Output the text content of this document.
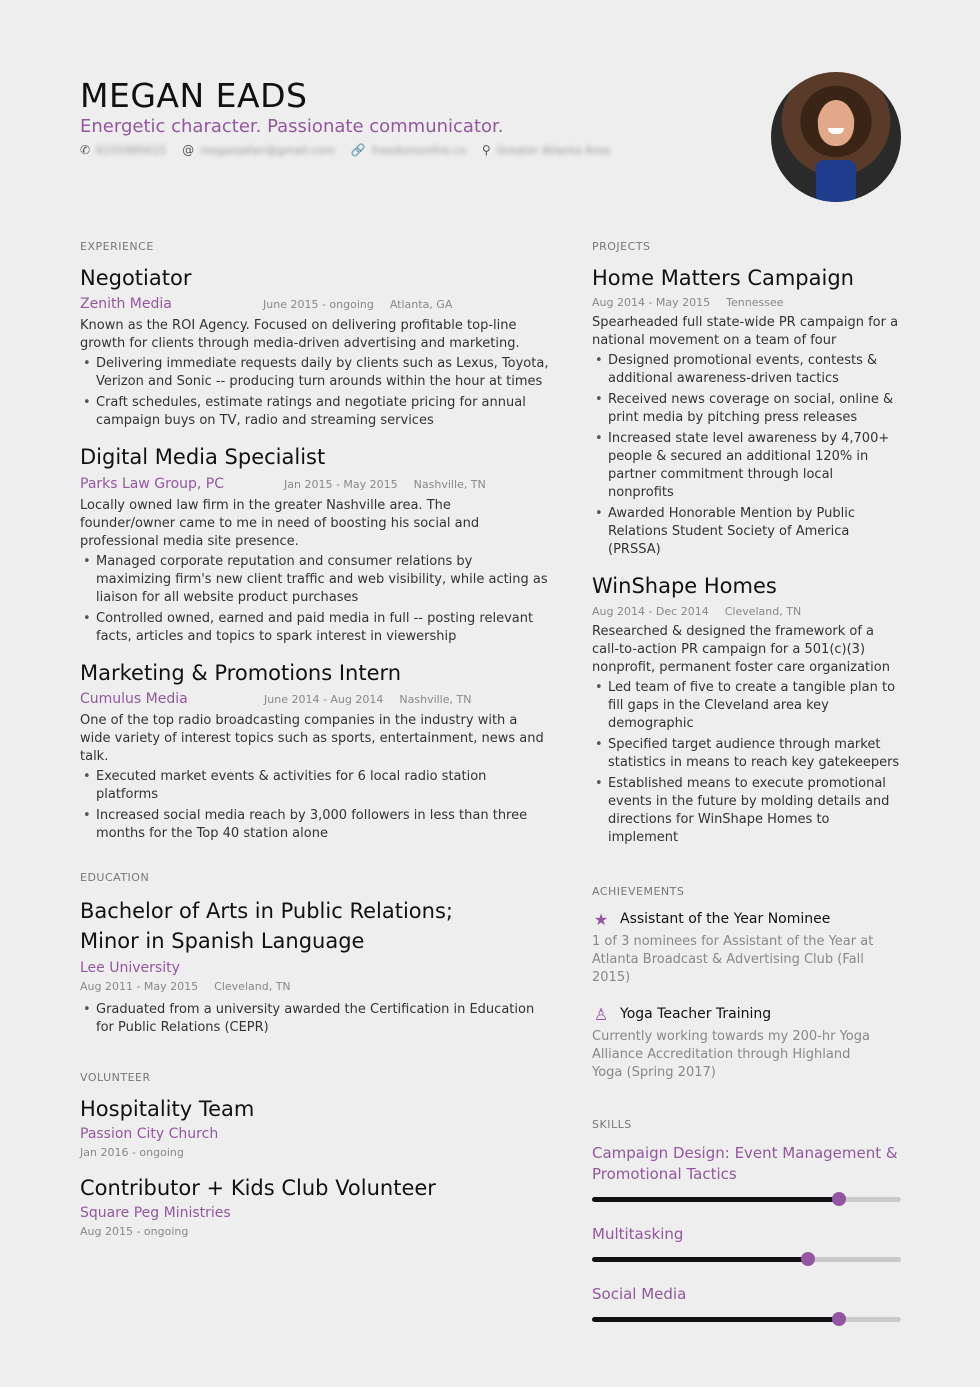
MEGAN EADS
Energetic character. Passionate communicator.
✆ 6155985615 @ meganjafari@gmail.com 🔗 freedomonfire.co ⚲ Greater Atlanta Area
EXPERIENCE
Negotiator
Zenith Media	June 2015 - ongoing Atlanta, GA
Known as the ROI Agency. Focused on delivering profitable top-line growth for clients through media-driven advertising and marketing.
• Delivering immediate requests daily by clients such as Lexus, Toyota, Verizon and Sonic -- producing turn arounds within the hour at times
• Craft schedules, estimate ratings and negotiate pricing for annual campaign buys on TV, radio and streaming services
Digital Media Specialist
Parks Law Group, PC	Jan 2015 - May 2015 Nashville, TN
Locally owned law firm in the greater Nashville area. The founder/owner came to me in need of boosting his social and professional media site presence.
• Managed corporate reputation and consumer relations by maximizing firm's new client traffic and web visibility, while acting as liaison for all website product purchases
• Controlled owned, earned and paid media in full -- posting relevant facts, articles and topics to spark interest in viewership
Marketing & Promotions Intern
Cumulus Media	June 2014 - Aug 2014 Nashville, TN
One of the top radio broadcasting companies in the industry with a wide variety of interest topics such as sports, entertainment, news and talk.
• Executed market events & activities for 6 local radio station platforms
• Increased social media reach by 3,000 followers in less than three months for the Top 40 station alone
EDUCATION
Bachelor of Arts in Public Relations; Minor in Spanish Language
Lee University
Aug 2011 - May 2015 Cleveland, TN
• Graduated from a university awarded the Certification in Education for Public Relations (CEPR)
VOLUNTEER
Hospitality Team
Passion City Church
Jan 2016 - ongoing
Contributor + Kids Club Volunteer
Square Peg Ministries
Aug 2015 - ongoing
PROJECTS
Home Matters Campaign
Aug 2014 - May 2015 Tennessee
Spearheaded full state-wide PR campaign for a national movement on a team of four
• Designed promotional events, contests & additional awareness-driven tactics
• Received news coverage on social, online & print media by pitching press releases
• Increased state level awareness by 4,700+ people & secured an additional 120% in partner commitment through local nonprofits
• Awarded Honorable Mention by Public Relations Student Society of America (PRSSA)
WinShape Homes
Aug 2014 - Dec 2014 Cleveland, TN
Researched & designed the framework of a call-to-action PR campaign for a 501(c)(3) nonprofit, permanent foster care organization
• Led team of five to create a tangible plan to fill gaps in the Cleveland area key demographic
• Specified target audience through market statistics in means to reach key gatekeepers
• Established means to execute promotional events in the future by molding details and directions for WinShape Homes to implement
ACHIEVEMENTS
★ Assistant of the Year Nominee
1 of 3 nominees for Assistant of the Year at Atlanta Broadcast & Advertising Club (Fall 2015)
♙ Yoga Teacher Training
Currently working towards my 200-hr Yoga Alliance Accreditation through Highland Yoga (Spring 2017)
SKILLS
Campaign Design: Event Management & Promotional Tactics
Multitasking
Social Media
